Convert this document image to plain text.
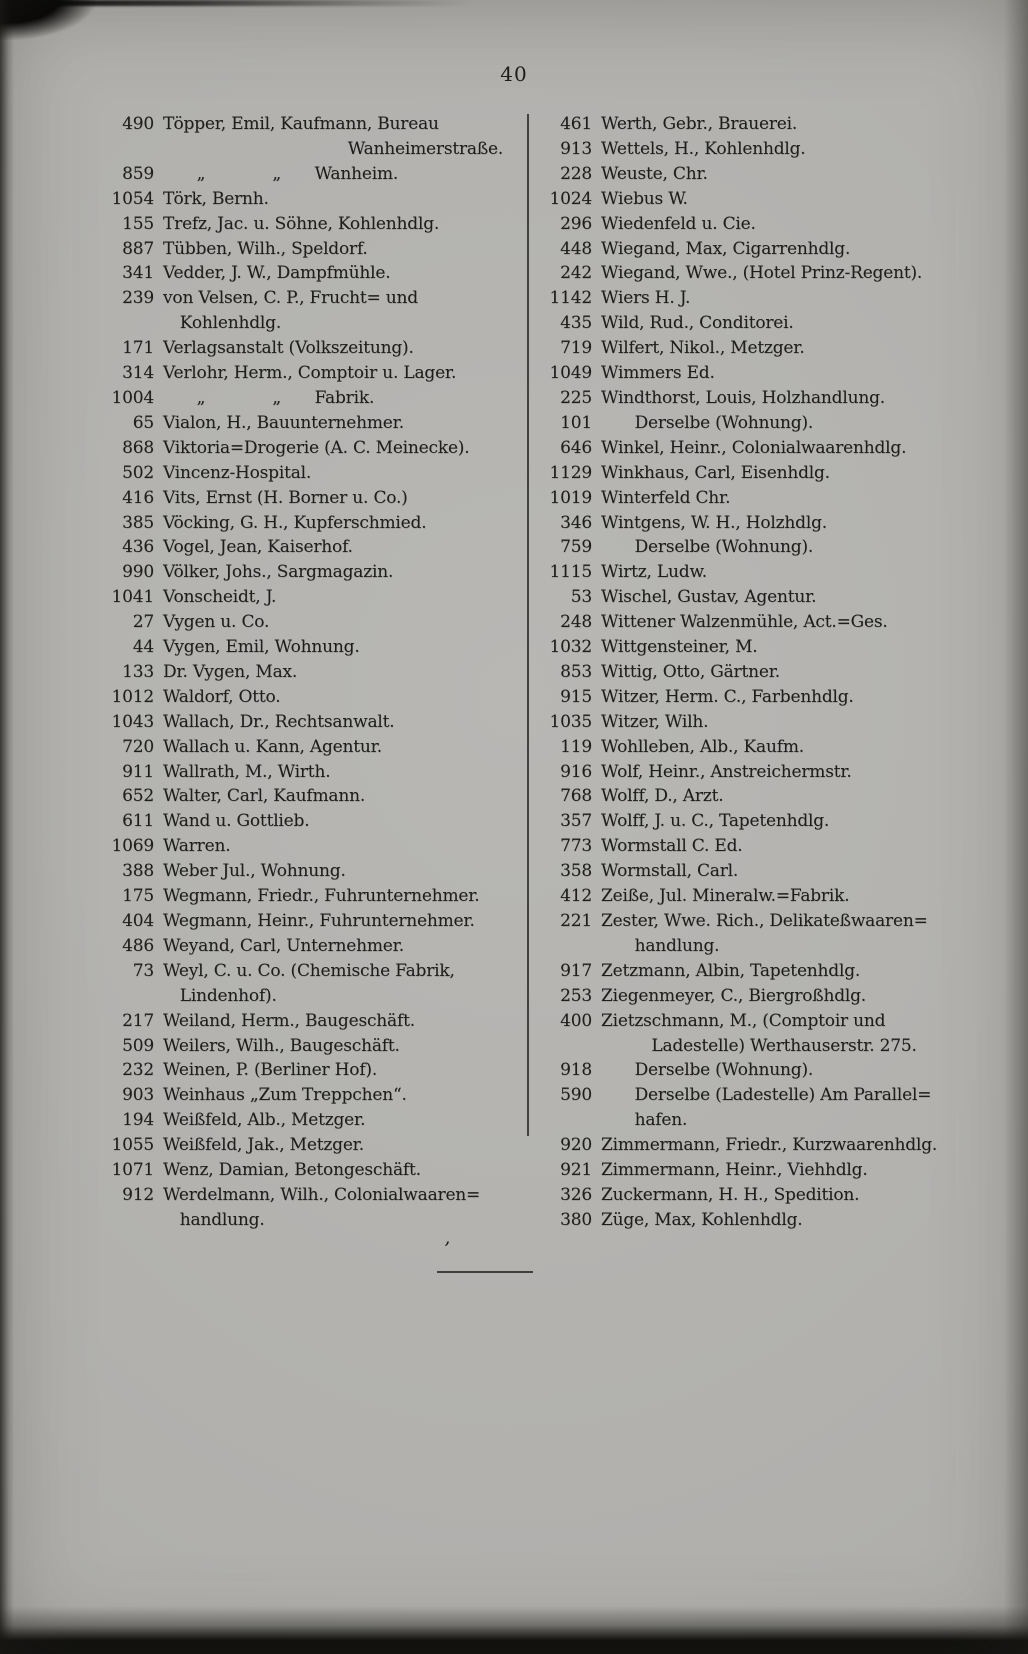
40
490 Töpper, Emil, Kaufmann, Bureau
           Wanheimerstraße.
859  „    „  Wanheim.
1054 Törk, Bernh.
155 Trefz, Jac. u. Söhne, Kohlenhdlg.
887 Tübben, Wilh., Speldorf.
341 Vedder, J. W., Dampfmühle.
239 von Velsen, C. P., Frucht= und
 Kohlenhdlg.
171 Verlagsanstalt (Volkszeitung).
314 Verlohr, Herm., Comptoir u. Lager.
1004  „    „  Fabrik.
65 Vialon, H., Bauunternehmer.
868 Viktoria=Drogerie (A. C. Meinecke).
502 Vincenz-Hospital.
416 Vits, Ernst (H. Borner u. Co.)
385 Vöcking, G. H., Kupferschmied.
436 Vogel, Jean, Kaiserhof.
990 Völker, Johs., Sargmagazin.
1041 Vonscheidt, J.
27 Vygen u. Co.
44 Vygen, Emil, Wohnung.
133 Dr. Vygen, Max.
1012 Waldorf, Otto.
1043 Wallach, Dr., Rechtsanwalt.
720 Wallach u. Kann, Agentur.
911 Wallrath, M., Wirth.
652 Walter, Carl, Kaufmann.
611 Wand u. Gottlieb.
1069 Warren.
388 Weber Jul., Wohnung.
175 Wegmann, Friedr., Fuhrunternehmer.
404 Wegmann, Heinr., Fuhrunternehmer.
486 Weyand, Carl, Unternehmer.
73 Weyl, C. u. Co. (Chemische Fabrik,
 Lindenhof).
217 Weiland, Herm., Baugeschäft.
509 Weilers, Wilh., Baugeschäft.
232 Weinen, P. (Berliner Hof).
903 Weinhaus „Zum Treppchen“.
194 Weißfeld, Alb., Metzger.
1055 Weißfeld, Jak., Metzger.
1071 Wenz, Damian, Betongeschäft.
912 Werdelmann, Wilh., Colonialwaaren=
 handlung.
461 Werth, Gebr., Brauerei.
913 Wettels, H., Kohlenhdlg.
228 Weuste, Chr.
1024 Wiebus W.
296 Wiedenfeld u. Cie.
448 Wiegand, Max, Cigarrenhdlg.
242 Wiegand, Wwe., (Hotel Prinz-Regent).
1142 Wiers H. J.
435 Wild, Rud., Conditorei.
719 Wilfert, Nikol., Metzger.
1049 Wimmers Ed.
225 Windthorst, Louis, Holzhandlung.
101  Derselbe (Wohnung).
646 Winkel, Heinr., Colonialwaarenhdlg.
1129 Winkhaus, Carl, Eisenhdlg.
1019 Winterfeld Chr.
346 Wintgens, W. H., Holzhdlg.
759  Derselbe (Wohnung).
1115 Wirtz, Ludw.
53 Wischel, Gustav, Agentur.
248 Wittener Walzenmühle, Act.=Ges.
1032 Wittgensteiner, M.
853 Wittig, Otto, Gärtner.
915 Witzer, Herm. C., Farbenhdlg.
1035 Witzer, Wilh.
119 Wohlleben, Alb., Kaufm.
916 Wolf, Heinr., Anstreichermstr.
768 Wolff, D., Arzt.
357 Wolff, J. u. C., Tapetenhdlg.
773 Wormstall C. Ed.
358 Wormstall, Carl.
412 Zeiße, Jul. Mineralw.=Fabrik.
221 Zester, Wwe. Rich., Delikateßwaaren=
  handlung.
917 Zetzmann, Albin, Tapetenhdlg.
253 Ziegenmeyer, C., Biergroßhdlg.
400 Zietzschmann, M., (Comptoir und
   Ladestelle) Werthauserstr. 275.
918  Derselbe (Wohnung).
590  Derselbe (Ladestelle) Am Parallel=
  hafen.
920 Zimmermann, Friedr., Kurzwaarenhdlg.
921 Zimmermann, Heinr., Viehhdlg.
326 Zuckermann, H. H., Spedition.
380 Züge, Max, Kohlenhdlg.
’
